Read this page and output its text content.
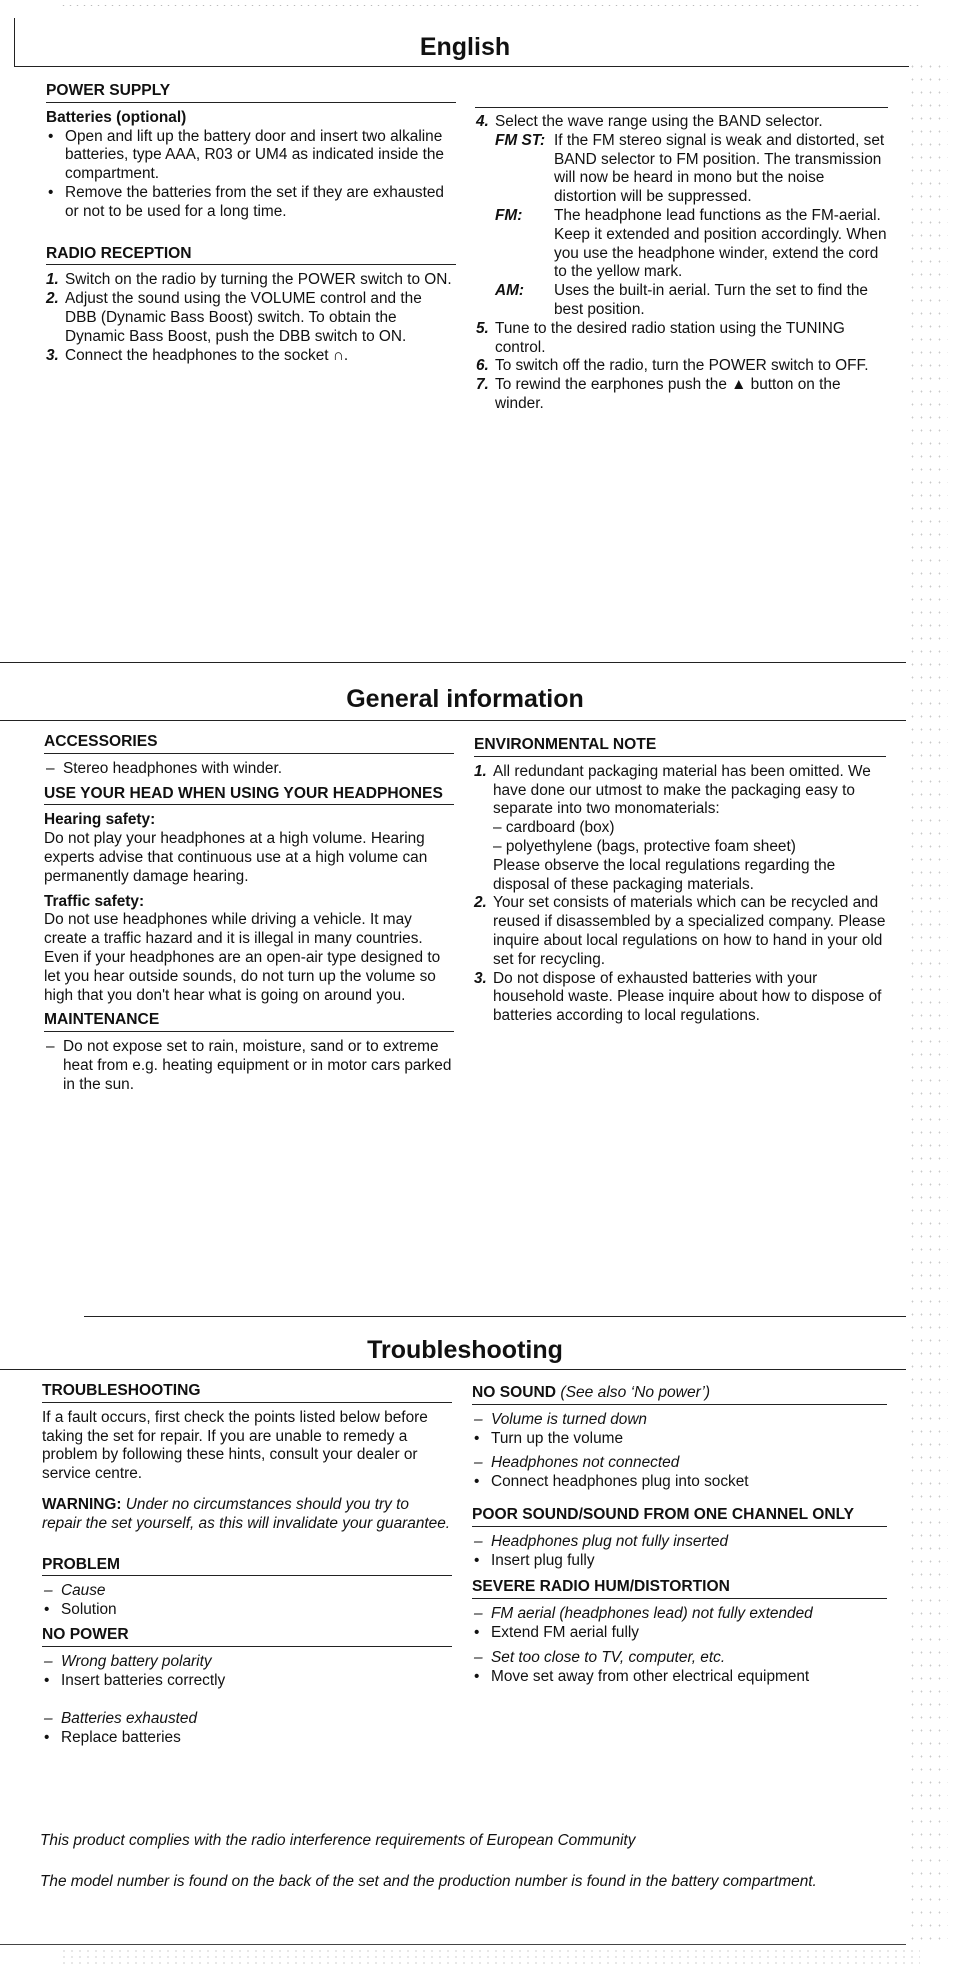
English
POWER SUPPLY
Batteries (optional)
• Open and lift up the battery door and insert two alkaline batteries, type AAA, R03 or UM4 as indicated inside the compartment.
• Remove the batteries from the set if they are exhausted or not to be used for a long time.
RADIO RECEPTION
1. Switch on the radio by turning the POWER switch to ON.
2. Adjust the sound using the VOLUME control and the DBB (Dynamic Bass Boost) switch. To obtain the Dynamic Bass Boost, push the DBB switch to ON.
3. Connect the headphones to the socket ∩.
4. Select the wave range using the BAND selector.
FM ST: If the FM stereo signal is weak and distorted, set BAND selector to FM position. The transmission will now be heard in mono but the noise distortion will be suppressed.
FM:	The headphone lead functions as the FM-aerial. Keep it extended and position accordingly. When you use the headphone winder, extend the cord to the yellow mark.
AM:	Uses the built-in aerial. Turn the set to find the best position.
5. Tune to the desired radio station using the TUNING control.
6. To switch off the radio, turn the POWER switch to OFF.
7. To rewind the earphones push the ▲ button on the winder.
General information
ACCESSORIES
– Stereo headphones with winder.
USE YOUR HEAD WHEN USING YOUR HEADPHONES
Hearing safety:
Do not play your headphones at a high volume. Hearing experts advise that continuous use at a high volume can permanently damage hearing.
Traffic safety:
Do not use headphones while driving a vehicle. It may create a traffic hazard and it is illegal in many countries. Even if your headphones are an open-air type designed to let you hear outside sounds, do not turn up the volume so high that you don't hear what is going on around you.
MAINTENANCE
– Do not expose set to rain, moisture, sand or to extreme heat from e.g. heating equipment or in motor cars parked in the sun.
ENVIRONMENTAL NOTE
1. All redundant packaging material has been omitted. We have done our utmost to make the packaging easy to separate into two monomaterials:
– cardboard (box)
– polyethylene (bags, protective foam sheet)
Please observe the local regulations regarding the disposal of these packaging materials.
2. Your set consists of materials which can be recycled and reused if disassembled by a specialized company. Please inquire about local regulations on how to hand in your old set for recycling.
3. Do not dispose of exhausted batteries with your household waste. Please inquire about how to dispose of batteries according to local regulations.
Troubleshooting
TROUBLESHOOTING
If a fault occurs, first check the points listed below before taking the set for repair. If you are unable to remedy a problem by following these hints, consult your dealer or service centre.
WARNING: Under no circumstances should you try to repair the set yourself, as this will invalidate your guarantee.
PROBLEM
– Cause
• Solution
NO POWER
– Wrong battery polarity
• Insert batteries correctly
– Batteries exhausted
• Replace batteries
NO SOUND (See also ‘No power’)
– Volume is turned down
• Turn up the volume
– Headphones not connected
• Connect headphones plug into socket
POOR SOUND/SOUND FROM ONE CHANNEL ONLY
– Headphones plug not fully inserted
• Insert plug fully
SEVERE RADIO HUM/DISTORTION
– FM aerial (headphones lead) not fully extended
• Extend FM aerial fully
– Set too close to TV, computer, etc.
• Move set away from other electrical equipment
This product complies with the radio interference requirements of European Community
The model number is found on the back of the set and the production number is found in the battery compartment.
